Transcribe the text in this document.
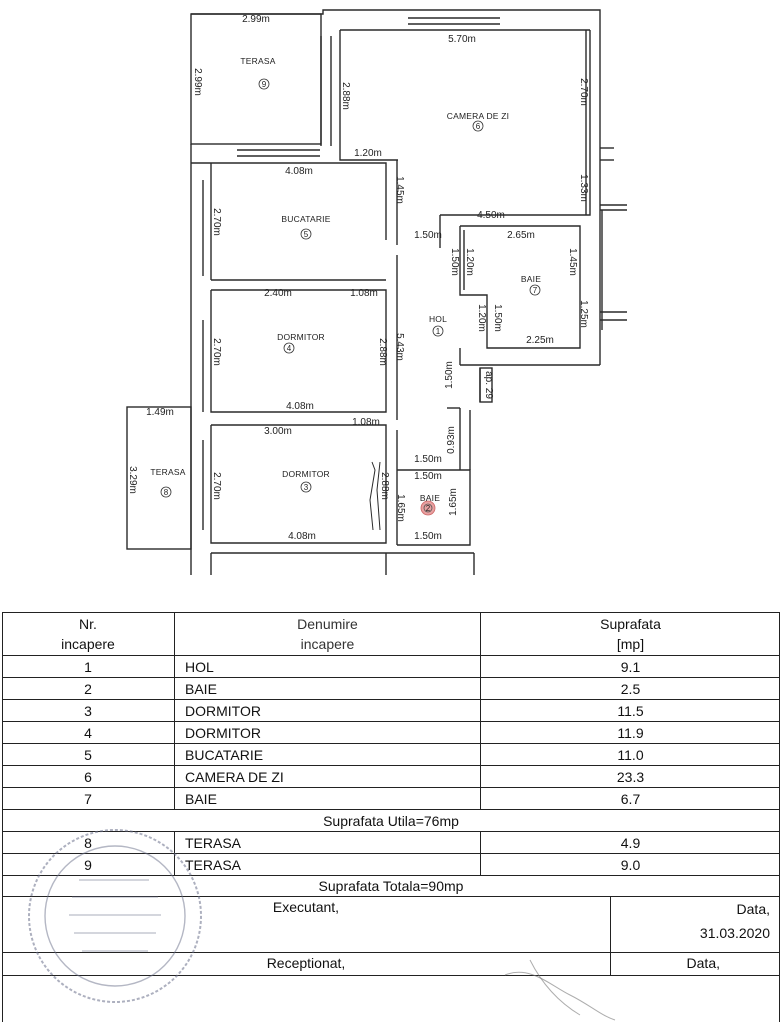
TERASA
9
CAMERA DE ZI
6
BUCATARIE
5
BAIE
7
HOL
1
DORMITOR
4
TERASA
8
DORMITOR
3
BAIE
2
2.99m
2.99m
5.70m
2.88m	2.70m
1.20m
4.08m
1.45m	1.33m
2.70m	4.50m
1.50m	2.65m
1.50m 1.20m	1.45m
1.50m
1.20m	1.25m
2.25m
2.40m	1.08m
2.70m	2.88m 5.43m
1.50m
4.08m
1.49m
3.29m
1.08m
3.00m	0.93m
1.50m
1.50m
2.70m	2.88m
1.65m	1.65m
4.08m	1.50m
ap. 29
Nr.
incapere
Denumire
incapere
Suprafata
[mp]
1	HOL	9.1
2	BAIE	2.5
3	DORMITOR	11.5
4	DORMITOR	11.9
5	BUCATARIE	11.0
6	CAMERA DE ZI	23.3
7	BAIE	6.7
Suprafata Utila=76mp
8	TERASA	4.9
9	TERASA	9.0
Suprafata Totala=90mp
Executant,	Data,
31.03.2020
Receptionat,	Data,
